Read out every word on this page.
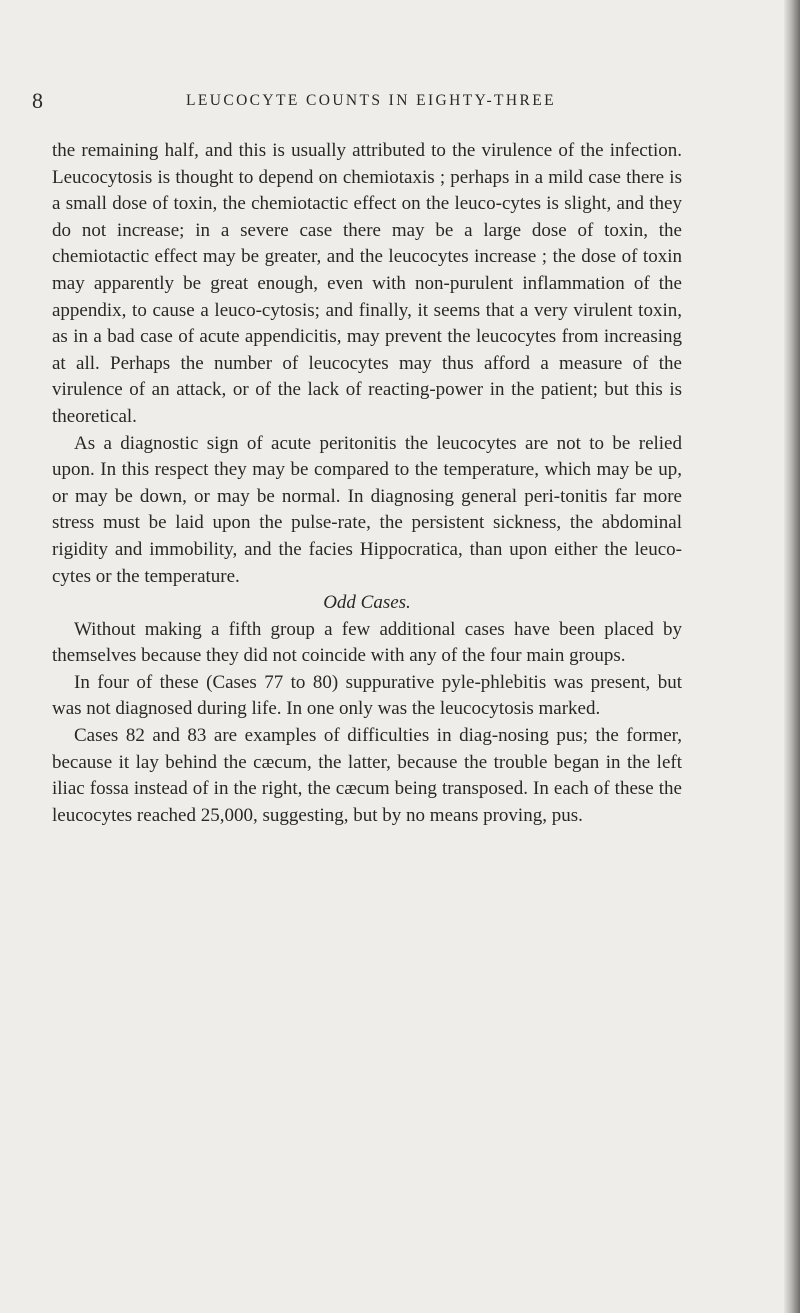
8	LEUCOCYTE COUNTS IN EIGHTY-THREE

the remaining half, and this is usually attributed to the virulence of the infection. Leucocytosis is thought to depend on chemiotaxis ; perhaps in a mild case there is a small dose of toxin, the chemiotactic effect on the leuco-cytes is slight, and they do not increase; in a severe case there may be a large dose of toxin, the chemiotactic effect may be greater, and the leucocytes increase ; the dose of toxin may apparently be great enough, even with non-purulent inflammation of the appendix, to cause a leuco-cytosis; and finally, it seems that a very virulent toxin, as in a bad case of acute appendicitis, may prevent the leucocytes from increasing at all. Perhaps the number of leucocytes may thus afford a measure of the virulence of an attack, or of the lack of reacting-power in the patient; but this is theoretical.

As a diagnostic sign of acute peritonitis the leucocytes are not to be relied upon. In this respect they may be compared to the temperature, which may be up, or may be down, or may be normal. In diagnosing general peri-tonitis far more stress must be laid upon the pulse-rate, the persistent sickness, the abdominal rigidity and immobility, and the facies Hippocratica, than upon either the leuco-cytes or the temperature.

Odd Cases.

Without making a fifth group a few additional cases have been placed by themselves because they did not coincide with any of the four main groups.

In four of these (Cases 77 to 80) suppurative pyle-phlebitis was present, but was not diagnosed during life. In one only was the leucocytosis marked.

Cases 82 and 83 are examples of difficulties in diag-nosing pus; the former, because it lay behind the cæcum, the latter, because the trouble began in the left iliac fossa instead of in the right, the cæcum being transposed. In each of these the leucocytes reached 25,000, suggesting, but by no means proving, pus.
